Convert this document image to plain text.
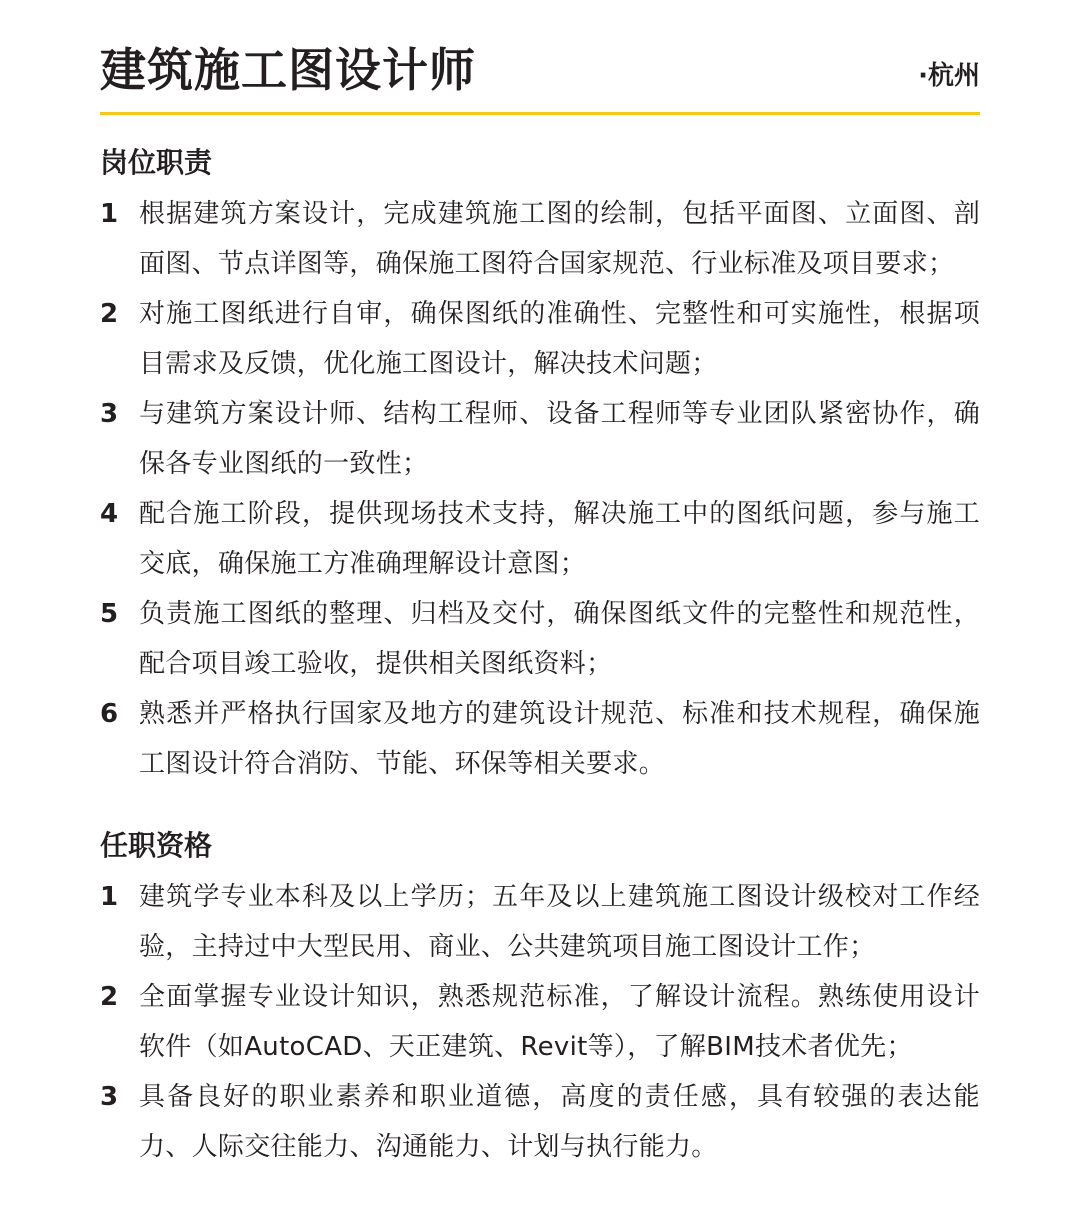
建筑施工图设计师	·杭州
岗位职责
1 根据建筑方案设计，完成建筑施工图的绘制，包括平面图、立面图、剖面图、节点详图等，确保施工图符合国家规范、行业标准及项目要求；
2 对施工图纸进行自审，确保图纸的准确性、完整性和可实施性，根据项目需求及反馈，优化施工图设计，解决技术问题；
3 与建筑方案设计师、结构工程师、设备工程师等专业团队紧密协作，确保各专业图纸的一致性；
4 配合施工阶段，提供现场技术支持，解决施工中的图纸问题，参与施工交底，确保施工方准确理解设计意图；
5 负责施工图纸的整理、归档及交付，确保图纸文件的完整性和规范性，配合项目竣工验收，提供相关图纸资料；
6 熟悉并严格执行国家及地方的建筑设计规范、标准和技术规程，确保施工图设计符合消防、节能、环保等相关要求。
任职资格
1 建筑学专业本科及以上学历；五年及以上建筑施工图设计级校对工作经验，主持过中大型民用、商业、公共建筑项目施工图设计工作；
2 全面掌握专业设计知识，熟悉规范标准，了解设计流程。熟练使用设计软件（如AutoCAD、天正建筑、Revit等），了解BIM技术者优先；
3 具备良好的职业素养和职业道德，高度的责任感，具有较强的表达能力、人际交往能力、沟通能力、计划与执行能力。
